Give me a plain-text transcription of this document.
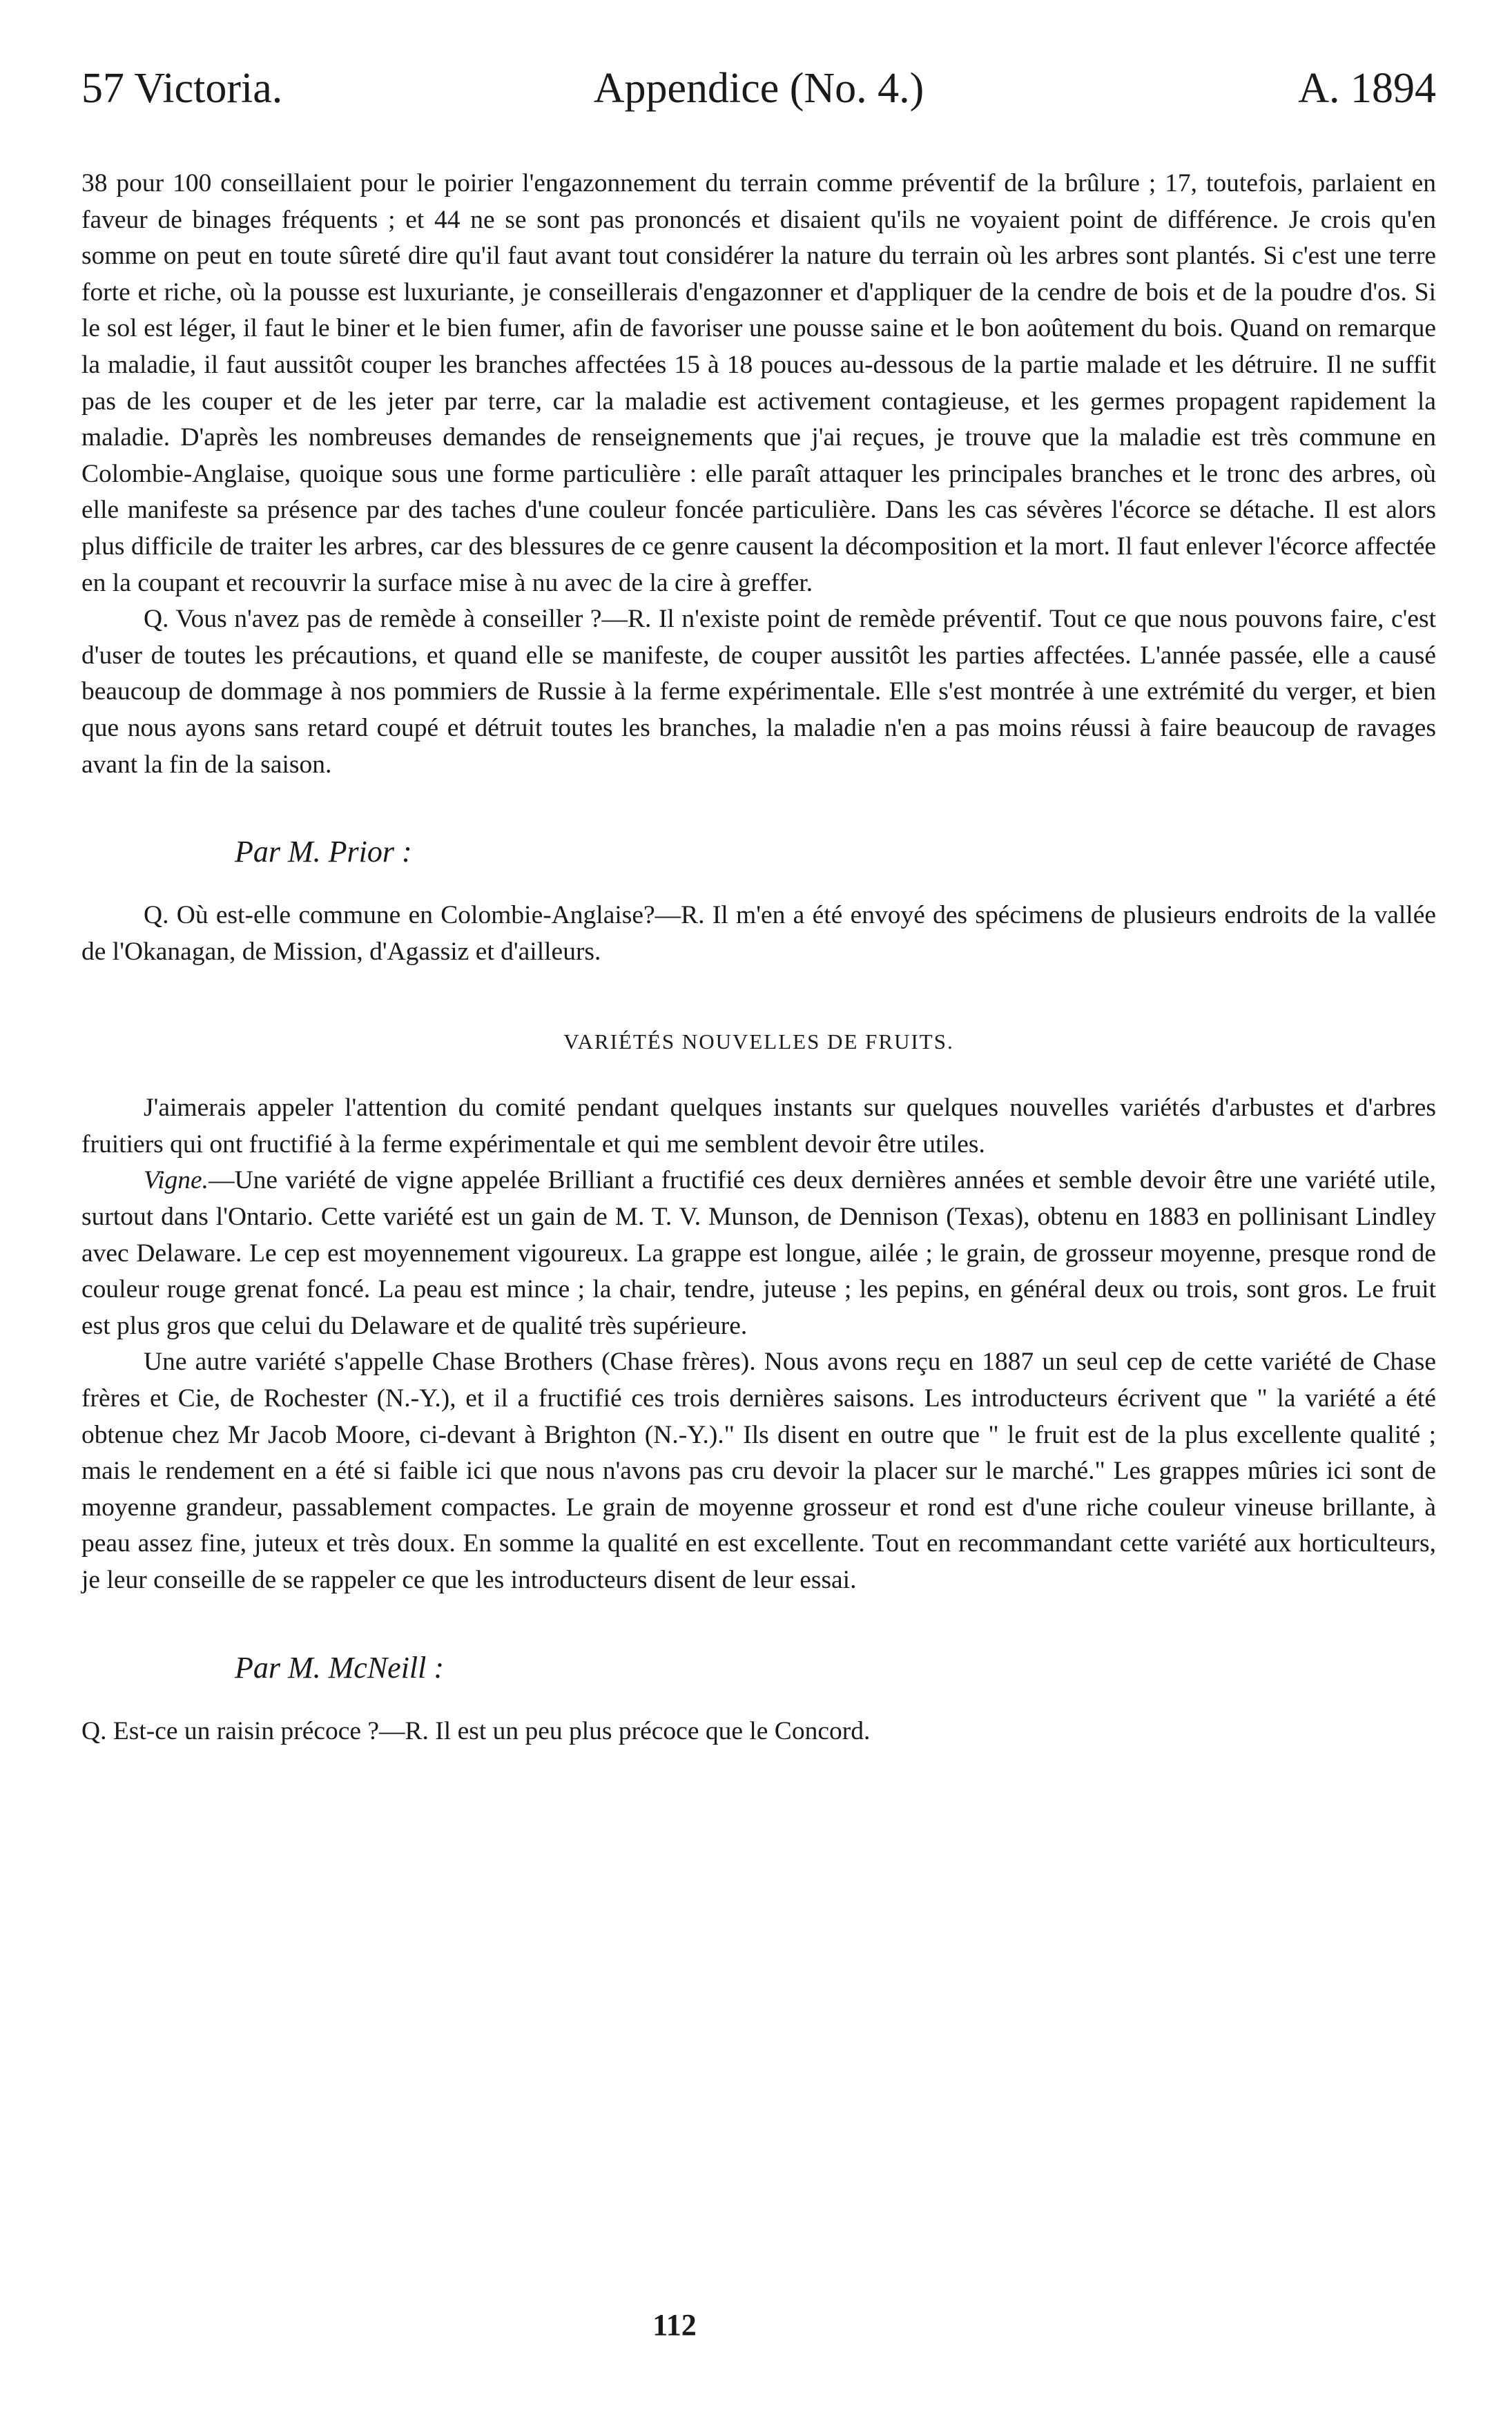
57 Victoria.	Appendice (No. 4.)	A. 1894

38 pour 100 conseillaient pour le poirier l'engazonnement du terrain comme préventif de la brûlure ; 17, toutefois, parlaient en faveur de binages fréquents ; et 44 ne se sont pas prononcés et disaient qu'ils ne voyaient point de différence. Je crois qu'en somme on peut en toute sûreté dire qu'il faut avant tout considérer la nature du terrain où les arbres sont plantés. Si c'est une terre forte et riche, où la pousse est luxuriante, je conseillerais d'engazonner et d'appliquer de la cendre de bois et de la poudre d'os. Si le sol est léger, il faut le biner et le bien fumer, afin de favoriser une pousse saine et le bon aoûtement du bois. Quand on remarque la maladie, il faut aussitôt couper les branches affectées 15 à 18 pouces au-dessous de la partie malade et les détruire. Il ne suffit pas de les couper et de les jeter par terre, car la maladie est activement contagieuse, et les germes propagent rapidement la maladie. D'après les nombreuses demandes de renseignements que j'ai reçues, je trouve que la maladie est très commune en Colombie-Anglaise, quoique sous une forme particulière : elle paraît attaquer les principales branches et le tronc des arbres, où elle manifeste sa présence par des taches d'une couleur foncée particulière. Dans les cas sévères l'écorce se détache. Il est alors plus difficile de traiter les arbres, car des blessures de ce genre causent la décomposition et la mort. Il faut enlever l'écorce affectée en la coupant et recouvrir la surface mise à nu avec de la cire à greffer.

Q. Vous n'avez pas de remède à conseiller ?—R. Il n'existe point de remède préventif. Tout ce que nous pouvons faire, c'est d'user de toutes les précautions, et quand elle se manifeste, de couper aussitôt les parties affectées. L'année passée, elle a causé beaucoup de dommage à nos pommiers de Russie à la ferme expérimentale. Elle s'est montrée à une extrémité du verger, et bien que nous ayons sans retard coupé et détruit toutes les branches, la maladie n'en a pas moins réussi à faire beaucoup de ravages avant la fin de la saison.

Par M. Prior :

Q. Où est-elle commune en Colombie-Anglaise?—R. Il m'en a été envoyé des spécimens de plusieurs endroits de la vallée de l'Okanagan, de Mission, d'Agassiz et d'ailleurs.

VARIÉTÉS NOUVELLES DE FRUITS.

J'aimerais appeler l'attention du comité pendant quelques instants sur quelques nouvelles variétés d'arbustes et d'arbres fruitiers qui ont fructifié à la ferme expérimentale et qui me semblent devoir être utiles.

Vigne.—Une variété de vigne appelée Brilliant a fructifié ces deux dernières années et semble devoir être une variété utile, surtout dans l'Ontario. Cette variété est un gain de M. T. V. Munson, de Dennison (Texas), obtenu en 1883 en pollinisant Lindley avec Delaware. Le cep est moyennement vigoureux. La grappe est longue, ailée ; le grain, de grosseur moyenne, presque rond de couleur rouge grenat foncé. La peau est mince ; la chair, tendre, juteuse ; les pepins, en général deux ou trois, sont gros. Le fruit est plus gros que celui du Delaware et de qualité très supérieure.

Une autre variété s'appelle Chase Brothers (Chase frères). Nous avons reçu en 1887 un seul cep de cette variété de Chase frères et Cie, de Rochester (N.-Y.), et il a fructifié ces trois dernières saisons. Les introducteurs écrivent que " la variété a été obtenue chez Mr Jacob Moore, ci-devant à Brighton (N.-Y.)." Ils disent en outre que " le fruit est de la plus excellente qualité ; mais le rendement en a été si faible ici que nous n'avons pas cru devoir la placer sur le marché." Les grappes mûries ici sont de moyenne grandeur, passablement compactes. Le grain de moyenne grosseur et rond est d'une riche couleur vineuse brillante, à peau assez fine, juteux et très doux. En somme la qualité en est excellente. Tout en recommandant cette variété aux horticulteurs, je leur conseille de se rappeler ce que les introducteurs disent de leur essai.

Par M. McNeill :

Q. Est-ce un raisin précoce ?—R. Il est un peu plus précoce que le Concord.

112
